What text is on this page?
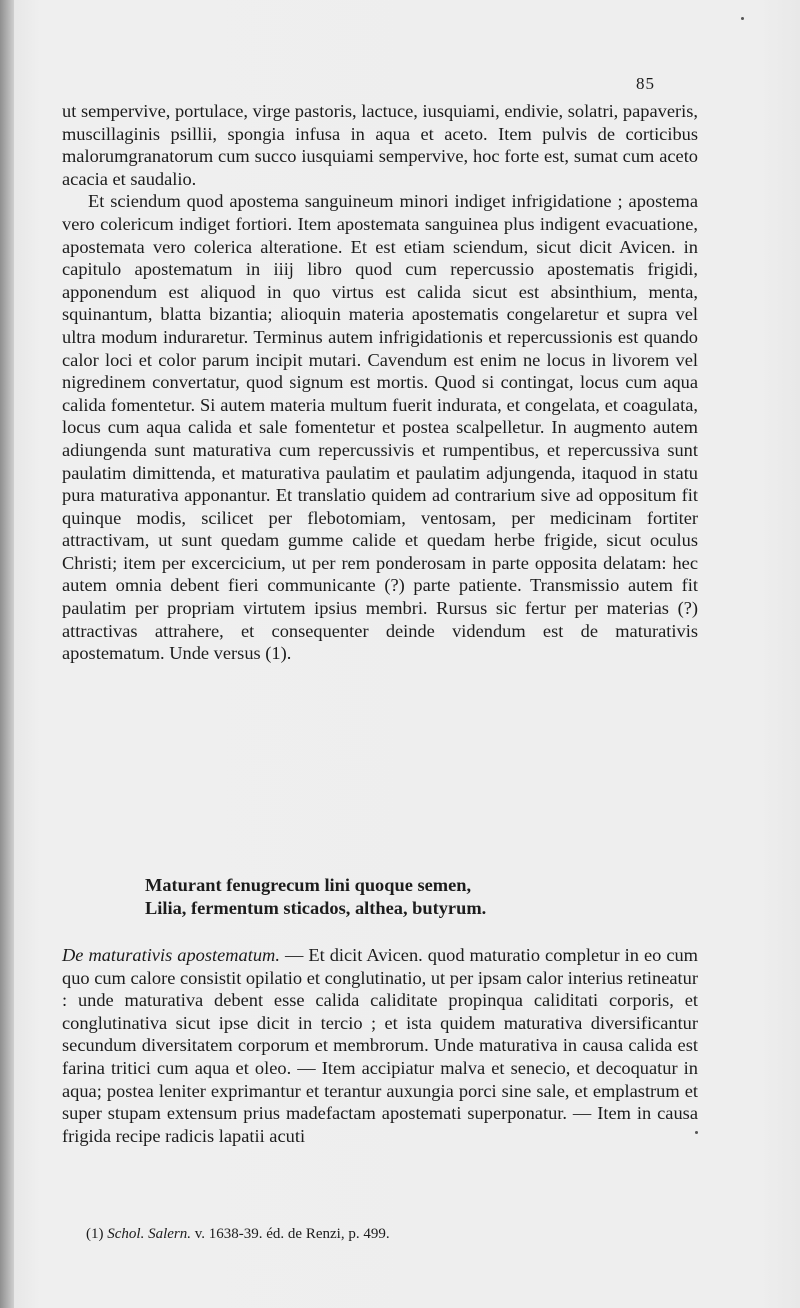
85

ut sempervive, portulace, virge pastoris, lactuce, iusquiami, endivie, solatri, papaveris, muscillaginis psillii, spongia infusa in aqua et aceto. Item pulvis de corticibus malorumgranatorum cum succo iusquiami sempervive, hoc forte est, sumat cum aceto acacia et saudalio.

Et sciendum quod apostema sanguineum minori indiget infrigidatione ; apostema vero colericum indiget fortiori. Item apostemata sanguinea plus indigent evacuatione, apostemata vero colerica alteratione. Et est etiam sciendum, sicut dicit Avicen. in capitulo apostematum in iiij libro quod cum repercussio apostematis frigidi, apponendum est aliquod in quo virtus est calida sicut est absinthium, menta, squinantum, blatta bizantia; alioquin materia apostematis congelaretur et supra vel ultra modum induraretur. Terminus autem infrigidationis et repercussionis est quando calor loci et color parum incipit mutari. Cavendum est enim ne locus in livorem vel nigredinem convertatur, quod signum est mortis. Quod si contingat, locus cum aqua calida fomentetur. Si autem materia multum fuerit indurata, et congelata, et coagulata, locus cum aqua calida et sale fomentetur et postea scalpelletur. In augmento autem adiungenda sunt maturativa cum repercussivis et rumpentibus, et repercussiva sunt paulatim dimittenda, et maturativa paulatim et paulatim adjungenda, itaquod in statu pura maturativa apponantur. Et translatio quidem ad contrarium sive ad oppositum fit quinque modis, scilicet per flebotomiam, ventosam, per medicinam fortiter attractivam, ut sunt quedam gumme calide et quedam herbe frigide, sicut oculus Christi; item per excercicium, ut per rem ponderosam in parte opposita delatam: hec autem omnia debent fieri communicante (?) parte patiente. Transmissio autem fit paulatim per propriam virtutem ipsius membri. Rursus sic fertur per materias (?) attractivas attrahere, et consequenter deinde videndum est de maturativis apostematum. Unde versus (1).

Maturant fenugrecum lini quoque semen,
Lilia, fermentum sticados, althea, butyrum.
De maturativis apostematum. — Et dicit Avicen. quod maturatio completur in eo cum quo cum calore consistit opilatio et conglutinatio, ut per ipsam calor interius retineatur : unde maturativa debent esse calida caliditate propinqua caliditati corporis, et conglutinativa sicut ipse dicit in tercio ; et ista quidem maturativa diversificantur secundum diversitatem corporum et membrorum. Unde maturativa in causa calida est farina tritici cum aqua et oleo. — Item accipiatur malva et senecio, et decoquatur in aqua; postea leniter exprimantur et terantur auxungia porci sine sale, et emplastrum et super stupam extensum prius madefactam apostemati superponatur. — Item in causa frigida recipe radicis lapatii acuti
(1) Schol. Salern. v. 1638-39. éd. de Renzi, p. 499.
